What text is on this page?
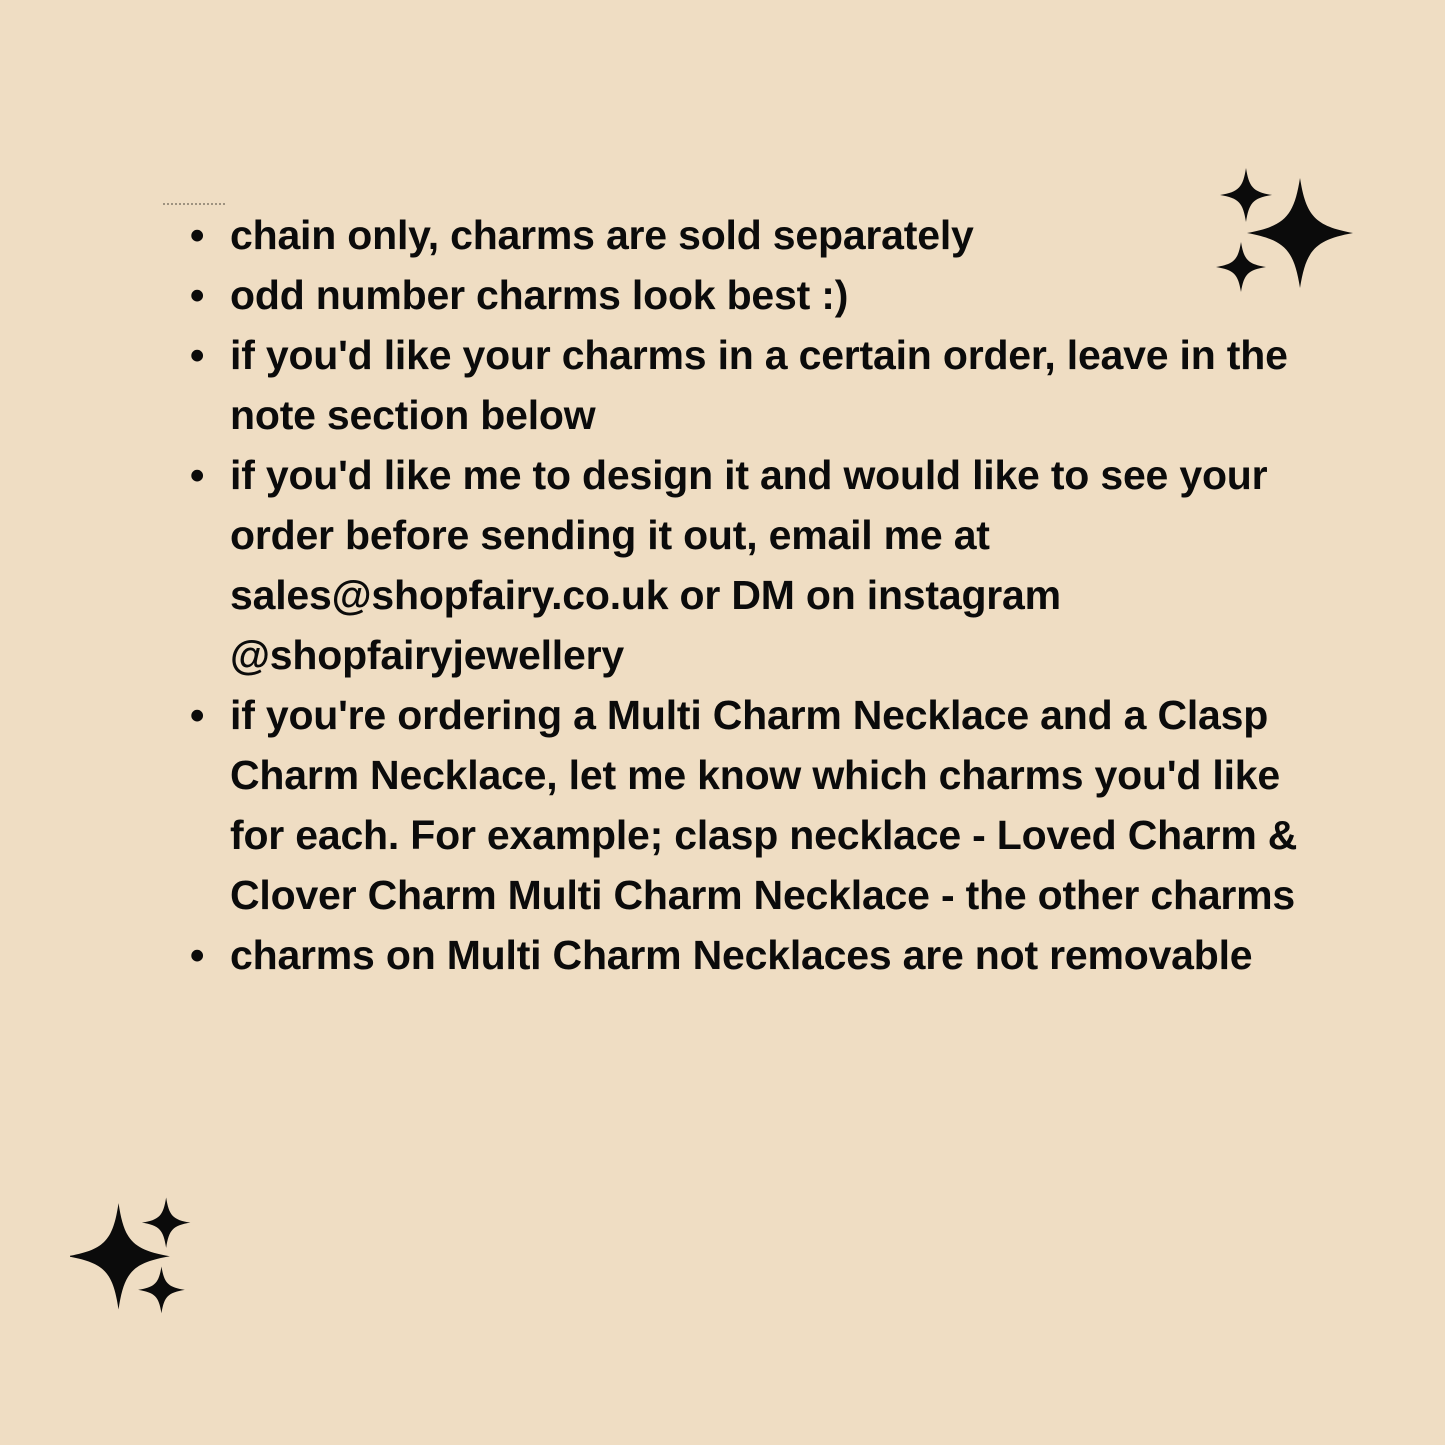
• chain only, charms are sold separately
• odd number charms look best :)
• if you'd like your charms in a certain order, leave in the note section below
• if you'd like me to design it and would like to see your order before sending it out, email me at sales@shopfairy.co.uk or DM on instagram @shopfairyjewellery
• if you're ordering a Multi Charm Necklace and a Clasp Charm Necklace, let me know which charms you'd like for each. For example; clasp necklace - Loved Charm & Clover Charm Multi Charm Necklace - the other charms
• charms on Multi Charm Necklaces are not removable
